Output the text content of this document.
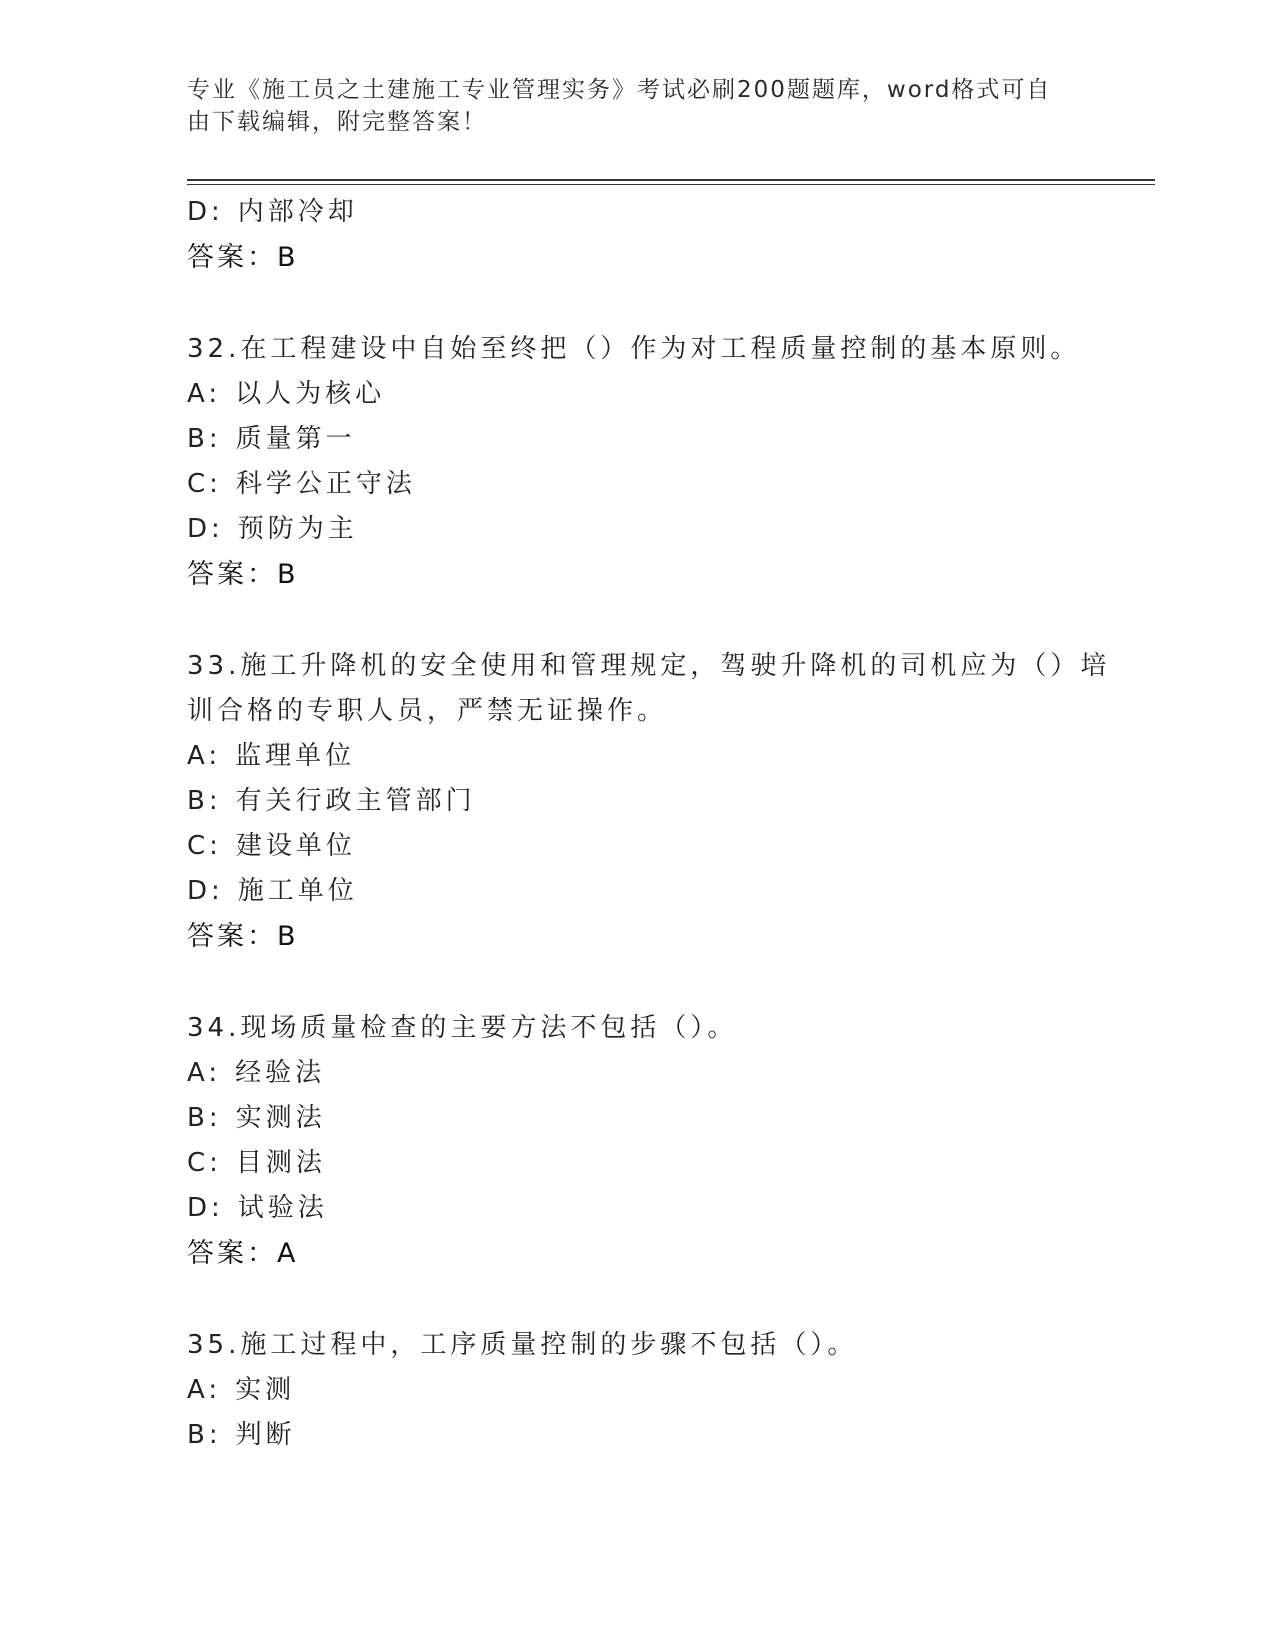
专业《施工员之土建施工专业管理实务》考试必刷200题题库，word格式可自由下载编辑，附完整答案！
D: 内部冷却
答案：B
32.在工程建设中自始至终把（）作为对工程质量控制的基本原则。
A: 以人为核心
B: 质量第一
C: 科学公正守法
D: 预防为主
答案：B
33.施工升降机的安全使用和管理规定，驾驶升降机的司机应为（）培
训合格的专职人员，严禁无证操作。
A: 监理单位
B: 有关行政主管部门
C: 建设单位
D: 施工单位
答案：B
34.现场质量检查的主要方法不包括（）。
A: 经验法
B: 实测法
C: 目测法
D: 试验法
答案：A
35.施工过程中，工序质量控制的步骤不包括（）。
A: 实测
B: 判断
